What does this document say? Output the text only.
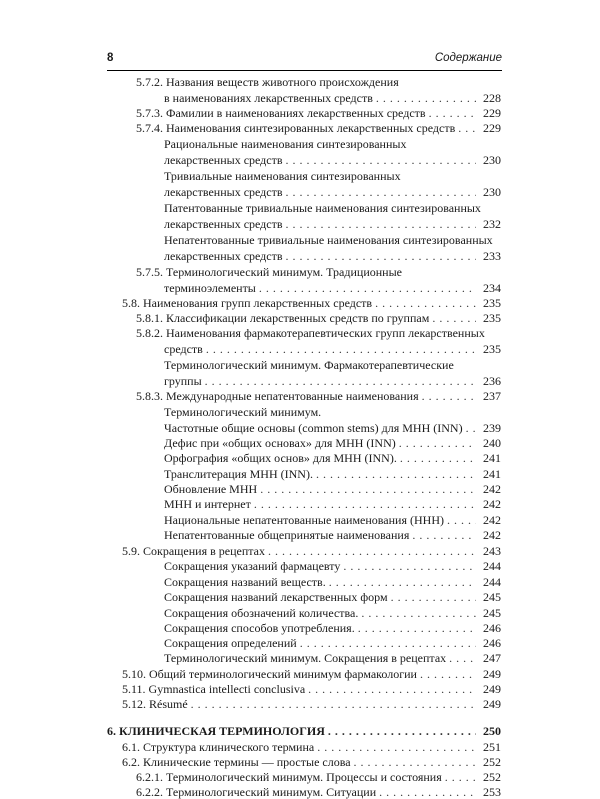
8	Содержание
5.7.2. Названия веществ животного происхождения
в наименованиях лекарственных средств . . .	228
5.7.3. Фамилии в наименованиях лекарственных средств . . .	229
5.7.4. Наименования синтезированных лекарственных средств . . .	229
Рациональные наименования синтезированных
лекарственных средств . . .	230
Тривиальные наименования синтезированных
лекарственных средств . . .	230
Патентованные тривиальные наименования синтезированных
лекарственных средств . . .	232
Непатентованные тривиальные наименования синтезированных
лекарственных средств . . .	233
5.7.5. Терминологический минимум. Традиционные
терминоэлементы . . .	234
5.8. Наименования групп лекарственных средств . . .	235
5.8.1. Классификации лекарственных средств по группам . . .	235
5.8.2. Наименования фармакотерапевтических групп лекарственных
средств . . .	235
Терминологический минимум. Фармакотерапевтические
группы . . .	236
5.8.3. Международные непатентованные наименования . . .	237
Терминологический минимум.
Частотные общие основы (common stems) для МНН (INN) . . .	239
Дефис при «общих основах» для МНН (INN) . . .	240
Орфография «общих основ» для МНН (INN). . . .	241
Транслитерация МНН (INN). . . .	241
Обновление МНН . . .	242
МНН и интернет . . .	242
Национальные непатентованные наименования (ННН) . . .	242
Непатентованные общепринятые наименования . . .	242
5.9. Сокращения в рецептах . . .	243
Сокращения указаний фармацевту . . .	244
Сокращения названий веществ. . . .	244
Сокращения названий лекарственных форм . . .	245
Сокращения обозначений количества. . . .	245
Сокращения способов употребления. . . .	246
Сокращения определений . . .	246
Терминологический минимум. Сокращения в рецептах . . .	247
5.10. Общий терминологический минимум фармакологии . . .	249
5.11. Gymnastica intellecti conclusiva . . .	249
5.12. Résumé . . .	249
6. КЛИНИЧЕСКАЯ ТЕРМИНОЛОГИЯ . . .	250
6.1. Структура клинического термина . . .	251
6.2. Клинические термины — простые слова . . .	252
6.2.1. Терминологический минимум. Процессы и состояния . . .	252
6.2.2. Терминологический минимум. Ситуации . . .	253
